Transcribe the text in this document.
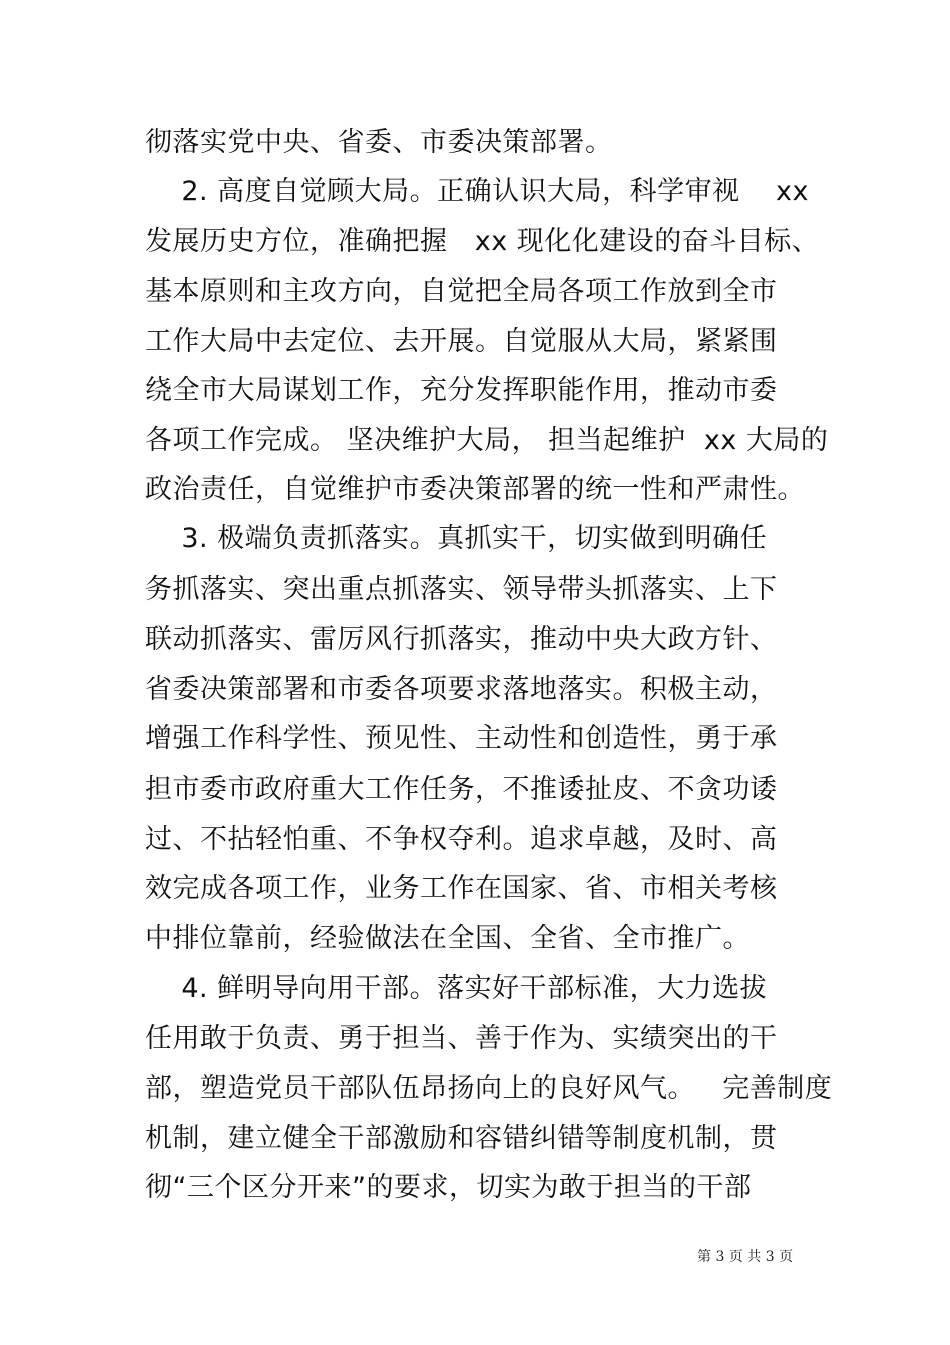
彻落实党中央、省委、市委决策部署。
2. 高度自觉顾大局。正确认识大局，科学审视    xx
发展历史方位，准确把握   xx 现化化建设的奋斗目标、
基本原则和主攻方向，自觉把全局各项工作放到全市
工作大局中去定位、去开展。自觉服从大局，紧紧围
绕全市大局谋划工作，充分发挥职能作用，推动市委
各项工作完成。 坚决维护大局， 担当起维护  xx 大局的
政治责任，自觉维护市委决策部署的统一性和严肃性。
3. 极端负责抓落实。真抓实干，切实做到明确任
务抓落实、突出重点抓落实、领导带头抓落实、上下
联动抓落实、雷厉风行抓落实，推动中央大政方针、
省委决策部署和市委各项要求落地落实。积极主动，
增强工作科学性、预见性、主动性和创造性，勇于承
担市委市政府重大工作任务，不推诿扯皮、不贪功诿
过、不拈轻怕重、不争权夺利。追求卓越，及时、高
效完成各项工作，业务工作在国家、省、市相关考核
中排位靠前，经验做法在全国、全省、全市推广。
4. 鲜明导向用干部。落实好干部标准，大力选拔
任用敢于负责、勇于担当、善于作为、实绩突出的干
部，塑造党员干部队伍昂扬向上的良好风气。   完善制度
机制，建立健全干部激励和容错纠错等制度机制，贯
彻“三个区分开来”的要求，切实为敢于担当的干部
第 3 页 共 3 页
